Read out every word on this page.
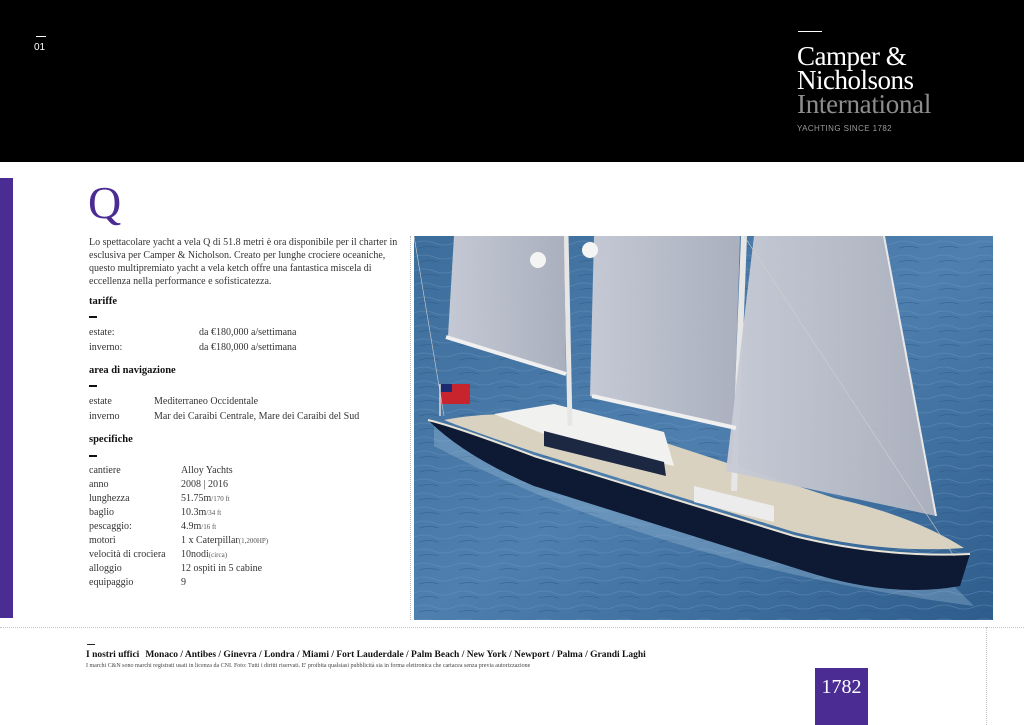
01	Camper &
Nicholsons
International
YACHTING SINCE 1782
Q
Lo spettacolare yacht a vela Q di 51.8 metri è ora disponibile per il charter in esclusiva per Camper & Nicholson. Creato per lunghe crociere oceaniche, questo multipremiato yacht a vela ketch offre una fantastica miscela di eccellenza nella performance e sofisticatezza.
tariffe
estate:	da €180,000 a/settimana
inverno:	da €180,000 a/settimana
area di navigazione
estate	Mediterraneo Occidentale
inverno	Mar dei Caraibi Centrale, Mare dei Caraibi del Sud
specifiche
cantiere	Alloy Yachts
anno	2008 | 2016
lunghezza	51.75m/170 ft
baglio	10.3m/34 ft
pescaggio:	4.9m/16 ft
motori	1 x Caterpillar(1,200HP)
velocità di crociera 10nodi(circa)
alloggio	12 ospiti in 5 cabine
equipaggio	9
I nostri uffici Monaco / Antibes / Ginevra / Londra / Miami / Fort Lauderdale / Palm Beach / New York / Newport / Palma / Grandi Laghi
I marchi C&N sono marchi registrati usati in licenza da CNI. Foto: Tutti i diritti riservati. E' proibita qualsiasi pubblicità sia in forma elettronica che cartacea senza previa autorizzazione
1782
